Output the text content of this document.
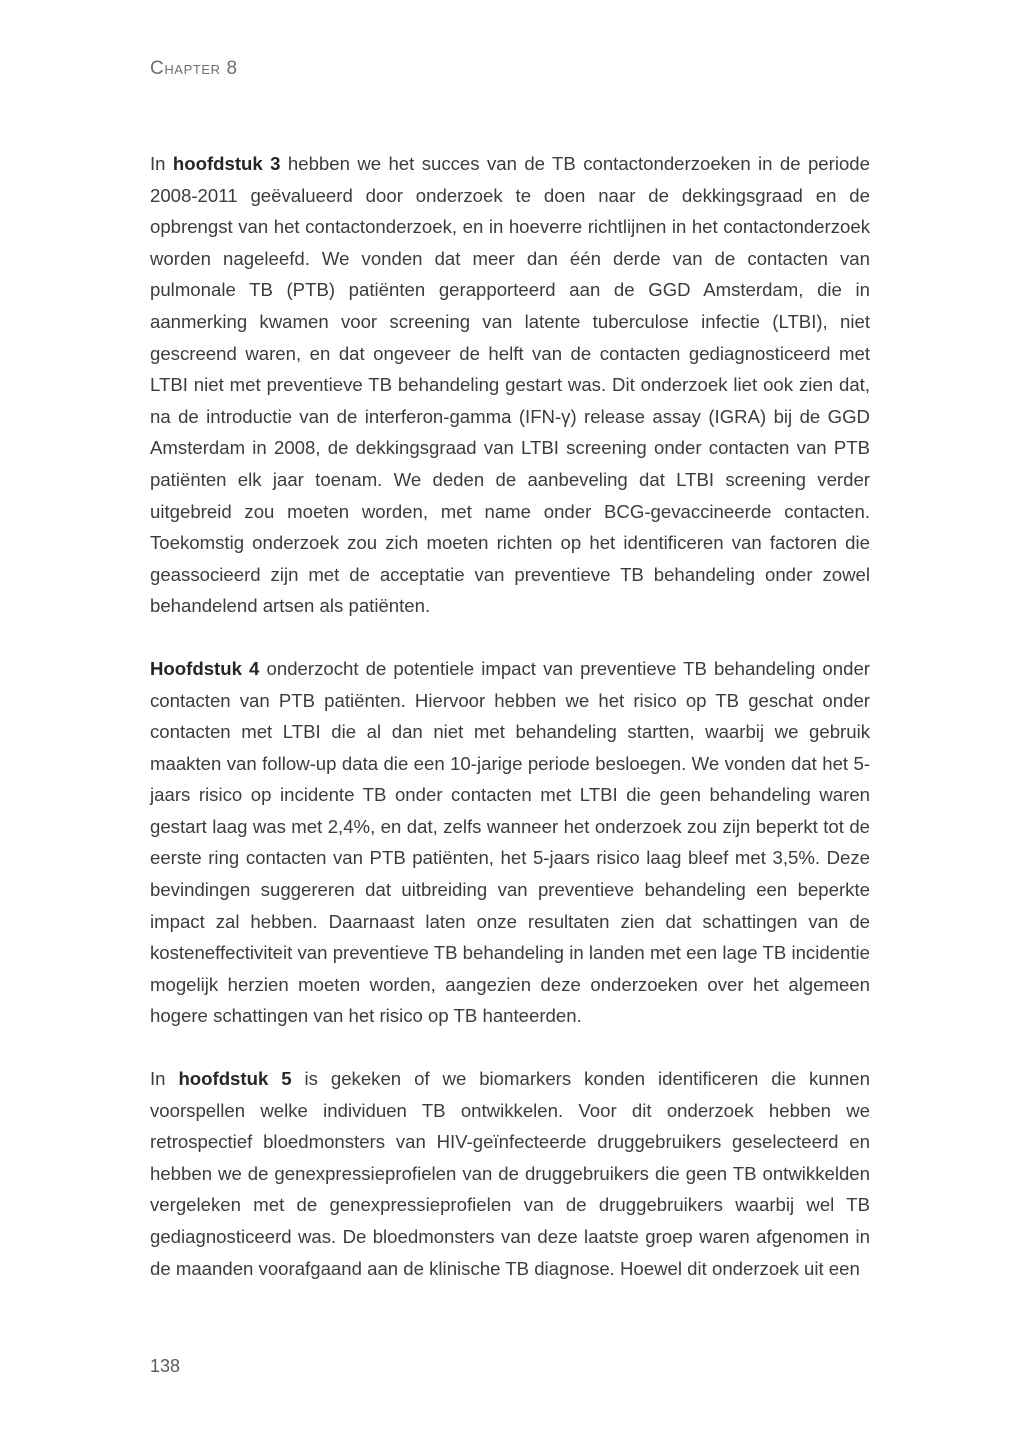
Chapter 8

In hoofdstuk 3 hebben we het succes van de TB contactonderzoeken in de periode 2008-2011 geëvalueerd door onderzoek te doen naar de dekkingsgraad en de opbrengst van het contactonderzoek, en in hoeverre richtlijnen in het contactonderzoek worden nageleefd. We vonden dat meer dan één derde van de contacten van pulmonale TB (PTB) patiënten gerapporteerd aan de GGD Amsterdam, die in aanmerking kwamen voor screening van latente tuberculose infectie (LTBI), niet gescreend waren, en dat ongeveer de helft van de contacten gediagnosticeerd met LTBI niet met preventieve TB behandeling gestart was. Dit onderzoek liet ook zien dat, na de introductie van de interferon-gamma (IFN-γ) release assay (IGRA) bij de GGD Amsterdam in 2008, de dekkingsgraad van LTBI screening onder contacten van PTB patiënten elk jaar toenam. We deden de aanbeveling dat LTBI screening verder uitgebreid zou moeten worden, met name onder BCG-gevaccineerde contacten. Toekomstig onderzoek zou zich moeten richten op het identificeren van factoren die geassocieerd zijn met de acceptatie van preventieve TB behandeling onder zowel behandelend artsen als patiënten.

Hoofdstuk 4 onderzocht de potentiele impact van preventieve TB behandeling onder contacten van PTB patiënten. Hiervoor hebben we het risico op TB geschat onder contacten met LTBI die al dan niet met behandeling startten, waarbij we gebruik maakten van follow-up data die een 10-jarige periode besloegen. We vonden dat het 5-jaars risico op incidente TB onder contacten met LTBI die geen behandeling waren gestart laag was met 2,4%, en dat, zelfs wanneer het onderzoek zou zijn beperkt tot de eerste ring contacten van PTB patiënten, het 5-jaars risico laag bleef met 3,5%. Deze bevindingen suggereren dat uitbreiding van preventieve behandeling een beperkte impact zal hebben. Daarnaast laten onze resultaten zien dat schattingen van de kosteneffectiviteit van preventieve TB behandeling in landen met een lage TB incidentie mogelijk herzien moeten worden, aangezien deze onderzoeken over het algemeen hogere schattingen van het risico op TB hanteerden.

In hoofdstuk 5 is gekeken of we biomarkers konden identificeren die kunnen voorspellen welke individuen TB ontwikkelen. Voor dit onderzoek hebben we retrospectief bloedmonsters van HIV-geïnfecteerde druggebruikers geselecteerd en hebben we de genexpressieprofielen van de druggebruikers die geen TB ontwikkelden vergeleken met de genexpressieprofielen van de druggebruikers waarbij wel TB gediagnosticeerd was. De bloedmonsters van deze laatste groep waren afgenomen in de maanden voorafgaand aan de klinische TB diagnose. Hoewel dit onderzoek uit een

138
